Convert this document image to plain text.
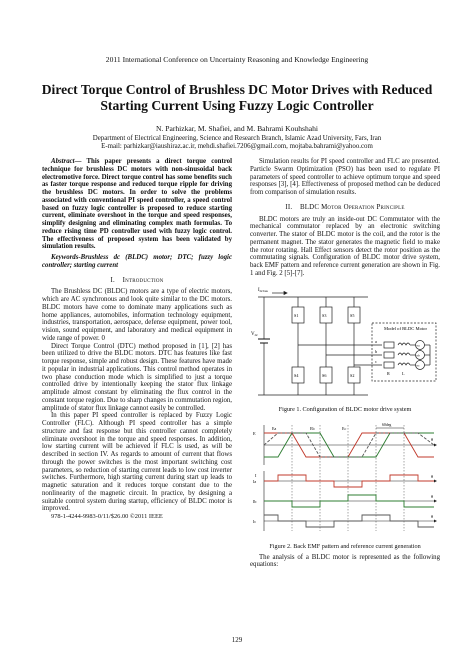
2011 International Conference on Uncertainty Reasoning and Knowledge Engineering
Direct Torque Control of Brushless DC Motor Drives with Reduced Starting Current Using Fuzzy Logic Controller
N. Parhizkar, M. Shafiei, and M. Bahrami Kouhshahi
Department of Electrical Engineering, Science and Research Branch, Islamic Azad University, Fars, Iran
E-mail: parhizkar@iaushiraz.ac.ir, mehdi.shafiei.7206@gmail.com, mojtaba.bahrami@yahoo.com

Abstract— This paper presents a direct torque control technique for brushless DC motors with non-sinusoidal back electromotive force. Direct torque control has some benefits such as faster torque response and reduced torque ripple for driving the brushless DC motors. In order to solve the problems associated with conventional PI speed controller, a speed control based on fuzzy logic controller is proposed to reduce starting current, eliminate overshoot in the torque and speed responses, simplify designing and eliminating complex math formulas. To reduce rising time PD controller used with fuzzy logic control. The effectiveness of proposed system has been validated by simulation results.

Keywords-Brushless dc (BLDC) motor; DTC; fuzzy logic controller; starting current

I. Introduction

The Brushless DC (BLDC) motors are a type of electric motors, which are AC synchronous and look quite similar to the DC motors. BLDC motors have come to dominate many applications such as home appliances, automobiles, information technology equipment, industries, transportation, aerospace, defense equipment, power tool, vision, sound equipment, and laboratory and medical equipment in wide range of power. 0

Direct Torque Control (DTC) method proposed in [1], [2] has been utilized to drive the BLDC motors. DTC has features like fast torque response, simple and robust design. These features have made it popular in industrial applications. This control method operates in two phase conduction mode which is simplified to just a torque controlled drive by intentionally keeping the stator flux linkage amplitude almost constant by eliminating the flux control in the constant torque region. Due to sharp changes in commutation region, amplitude of stator flux linkage cannot easily be controlled.

In this paper PI speed controller is replaced by Fuzzy Logic Controller (FLC). Although PI speed controller has a simple structure and fast response but this controller cannot completely eliminate overshoot in the torque and speed responses. In addition, low starting current will be achieved if FLC is used, as will be described in section IV. As regards to amount of current that flows through the power switches is the most important switching cost parameters, so reduction of starting current leads to low cost inverter switches. Furthermore, high starting current during start up leads to magnetic saturation and it reduces torque constant due to the nonlinearity of the magnetic circuit. In practice, by designing a suitable control system during startup, efficiency of BLDC motor is improved.

978-1-4244-9983-0/11/$26.00 ©2011 IEEE

Simulation results for PI speed controller and FLC are presented. Particle Swarm Optimization (PSO) has been used to regulate PI parameters of speed controller to achieve optimum torque and speed responses [3], [4]. Effectiveness of proposed method can be deduced from comparison of simulation results.

II. BLDC Motor Operation Principle

BLDC motors are truly an inside-out DC Commutator with the mechanical commutator replaced by an electronic switching converter. The stator of BLDC motor is the coil, and the rotor is the permanent magnet. The stator generates the magnetic field to make the rotor rotating. Hall Effect sensors detect the rotor position as the commutating signals. Configuration of BLDC motor drive system, back EMF pattern and reference current generation are shown in Fig. 1 and Fig. 2 [5]-[7].

$I_{dcbus}$
$V_{dc}$
Model of BLDC Motor
S1	S3	S5
S4	S6	S2
a
b
c
R	L
ea
eb
ec
Figure 1. Configuration of BLDC motor drive system
E
I
Ea	Eb	Ec
60deg
θ
θ
θ
θ
Ia
Ib
Ic
Figure 2. Back EMF pattern and reference current generation

The analysis of a BLDC motor is represented as the following equations:

129
